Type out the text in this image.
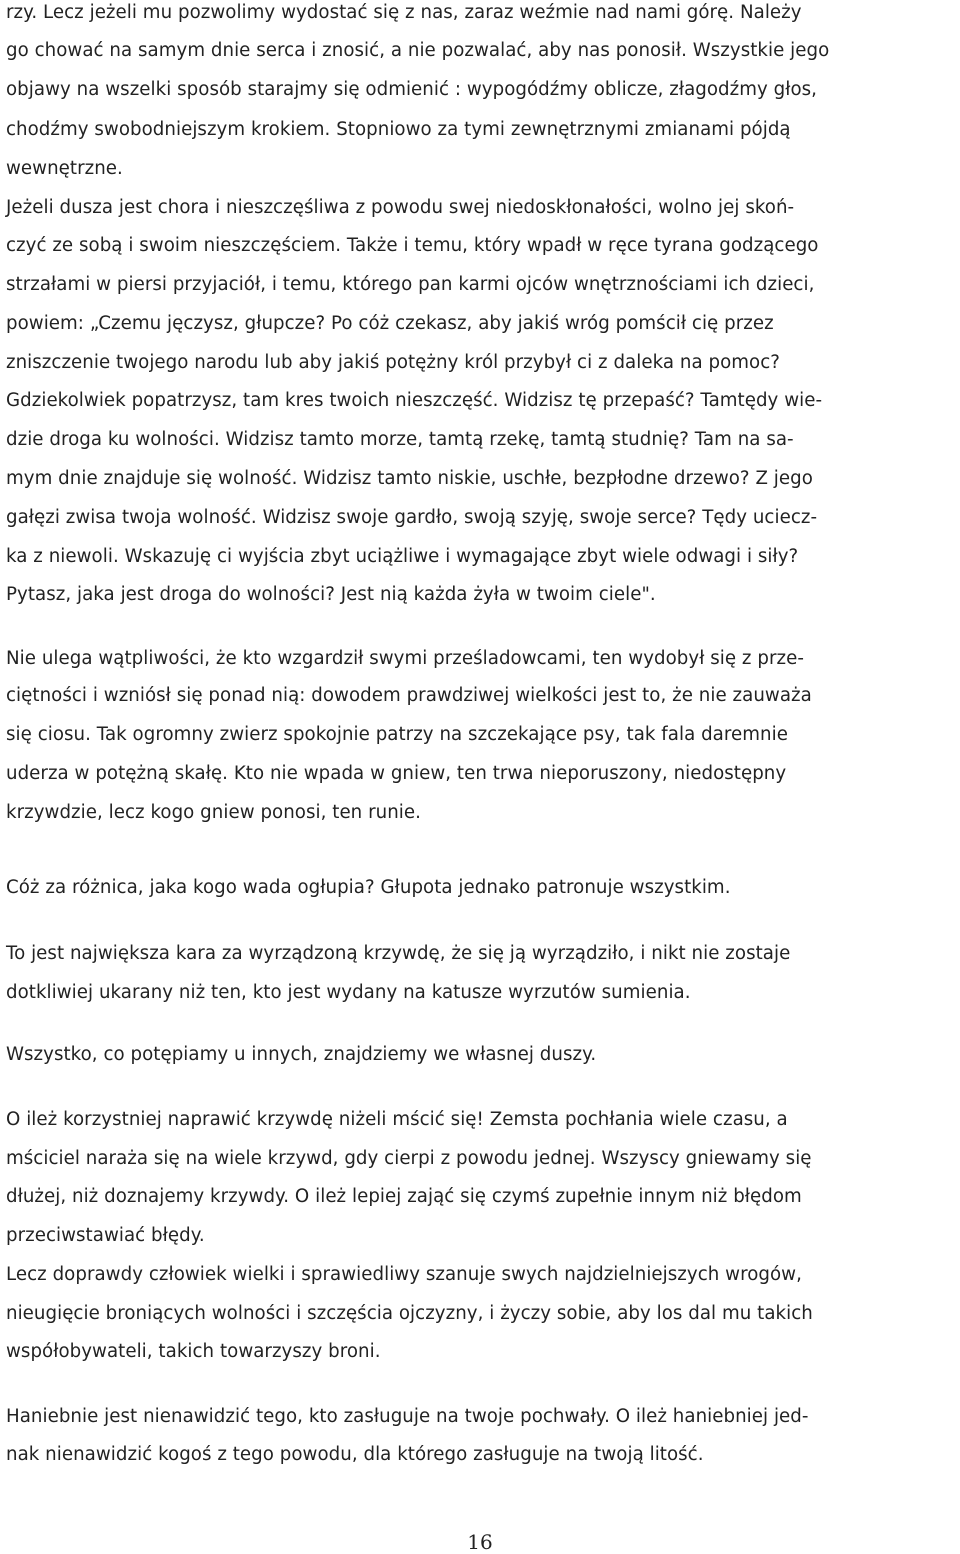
rzy. Lecz jeżeli mu pozwolimy wydostać się z nas, zaraz weźmie nad nami górę. Należy
go chować na samym dnie serca i znosić, a nie pozwalać, aby nas ponosił. Wszystkie jego
objawy na wszelki sposób starajmy się odmienić : wypogódźmy oblicze, złagodźmy głos,
chodźmy swobodniejszym krokiem. Stopniowo za tymi zewnętrznymi zmianami pójdą
wewnętrzne.
Jeżeli dusza jest chora i nieszczęśliwa z powodu swej niedoskłonałości, wolno jej skoń-
czyć ze sobą i swoim nieszczęściem. Także i temu, który wpadł w ręce tyrana godzącego
strzałami w piersi przyjaciół, i temu, którego pan karmi ojców wnętrznościami ich dzieci,
powiem: „Czemu jęczysz, głupcze? Po cóż czekasz, aby jakiś wróg pomścił cię przez
zniszczenie twojego narodu lub aby jakiś potężny król przybył ci z daleka na pomoc?
Gdziekolwiek popatrzysz, tam kres twoich nieszczęść. Widzisz tę przepaść? Tamtędy wie-
dzie droga ku wolności. Widzisz tamto morze, tamtą rzekę, tamtą studnię? Tam na sa-
mym dnie znajduje się wolność. Widzisz tamto niskie, uschłe, bezpłodne drzewo? Z jego
gałęzi zwisa twoja wolność. Widzisz swoje gardło, swoją szyję, swoje serce? Tędy uciecz-
ka z niewoli. Wskazuję ci wyjścia zbyt uciążliwe i wymagające zbyt wiele odwagi i siły?
Pytasz, jaka jest droga do wolności? Jest nią każda żyła w twoim ciele".
Nie ulega wątpliwości, że kto wzgardził swymi prześladowcami, ten wydobył się z prze-
ciętności i wzniósł się ponad nią: dowodem prawdziwej wielkości jest to, że nie zauważa
się ciosu. Tak ogromny zwierz spokojnie patrzy na szczekające psy, tak fala daremnie
uderza w potężną skałę. Kto nie wpada w gniew, ten trwa nieporuszony, niedostępny
krzywdzie, lecz kogo gniew ponosi, ten runie.
Cóż za różnica, jaka kogo wada ogłupia? Głupota jednako patronuje wszystkim.
To jest największa kara za wyrządzoną krzywdę, że się ją wyrządziło, i nikt nie zostaje
dotkliwiej ukarany niż ten, kto jest wydany na katusze wyrzutów sumienia.
Wszystko, co potępiamy u innych, znajdziemy we własnej duszy.
O ileż korzystniej naprawić krzywdę niżeli mścić się! Zemsta pochłania wiele czasu, a
mściciel naraża się na wiele krzywd, gdy cierpi z powodu jednej. Wszyscy gniewamy się
dłużej, niż doznajemy krzywdy. O ileż lepiej zająć się czymś zupełnie innym niż błędom
przeciwstawiać błędy.
Lecz doprawdy człowiek wielki i sprawiedliwy szanuje swych najdzielniejszych wrogów,
nieugięcie broniących wolności i szczęścia ojczyzny, i życzy sobie, aby los dal mu takich
współobywateli, takich towarzyszy broni.
Haniebnie jest nienawidzić tego, kto zasługuje na twoje pochwały. O ileż haniebniej jed-
nak nienawidzić kogoś z tego powodu, dla którego zasługuje na twoją litość.
16
